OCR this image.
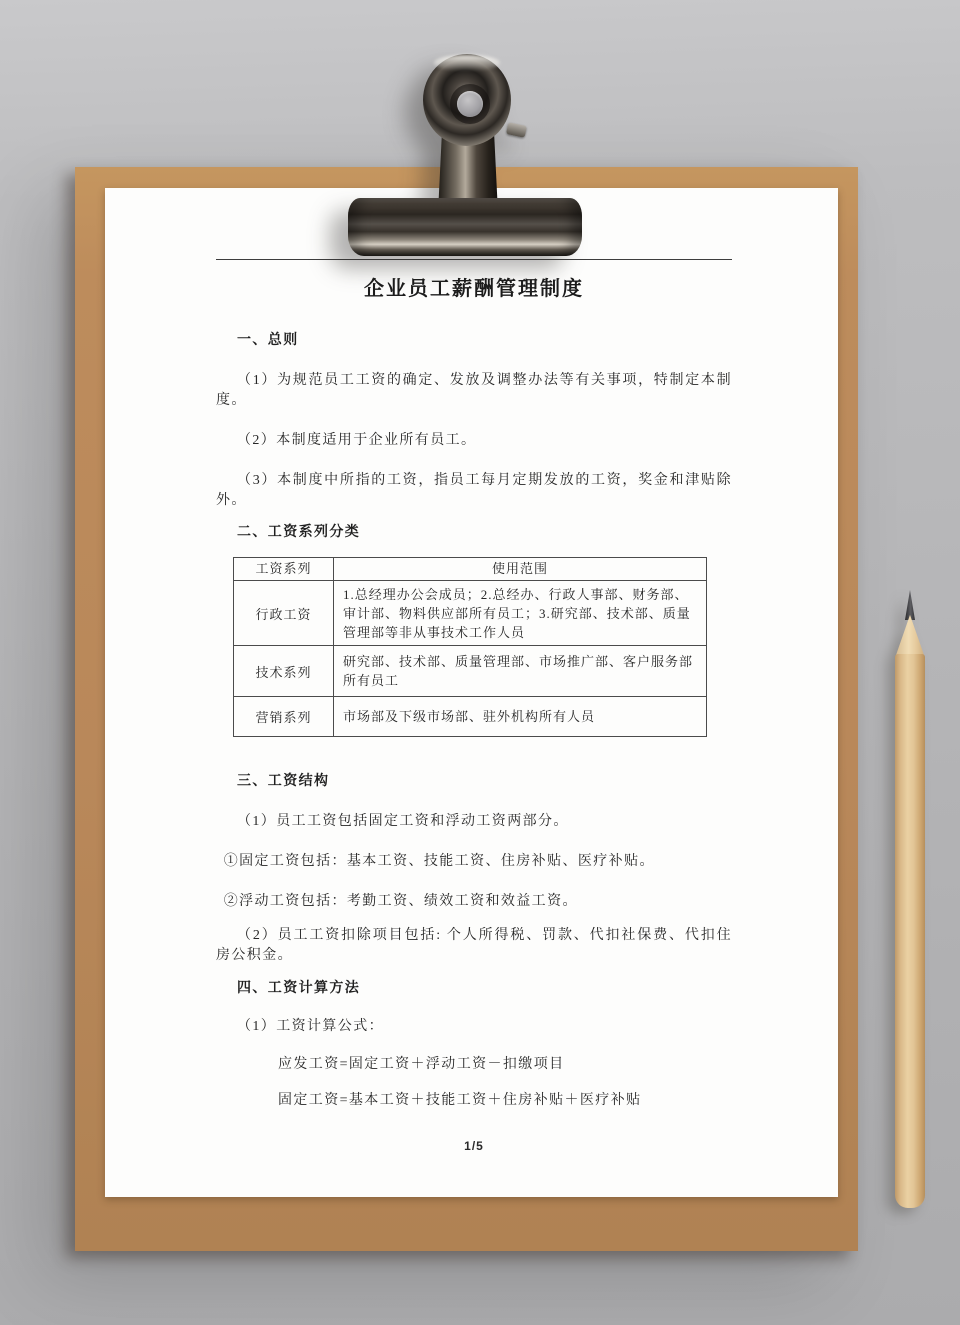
企业员工薪酬管理制度
一、总则

（1）为规范员工工资的确定、发放及调整办法等有关事项，特制定本制度。

（2）本制度适用于企业所有员工。

（3）本制度中所指的工资，指员工每月定期发放的工资，奖金和津贴除外。

二、工资系列分类
工资系列	使用范围
行政工资	1.总经理办公会成员；2.总经办、行政人事部、财务部、审计部、物料供应部所有员工；3.研究部、技术部、质量管理部等非从事技术工作人员
技术系列	研究部、技术部、质量管理部、市场推广部、客户服务部所有员工
营销系列	市场部及下级市场部、驻外机构所有人员
三、工资结构

（1）员工工资包括固定工资和浮动工资两部分。

①固定工资包括：基本工资、技能工资、住房补贴、医疗补贴。

②浮动工资包括：考勤工资、绩效工资和效益工资。

（2）员工工资扣除项目包括: 个人所得税、罚款、代扣社保费、代扣住房公积金。

四、工资计算方法

（1）工资计算公式：

应发工资=固定工资＋浮动工资－扣缴项目

固定工资=基本工资＋技能工资＋住房补贴＋医疗补贴

1/5
